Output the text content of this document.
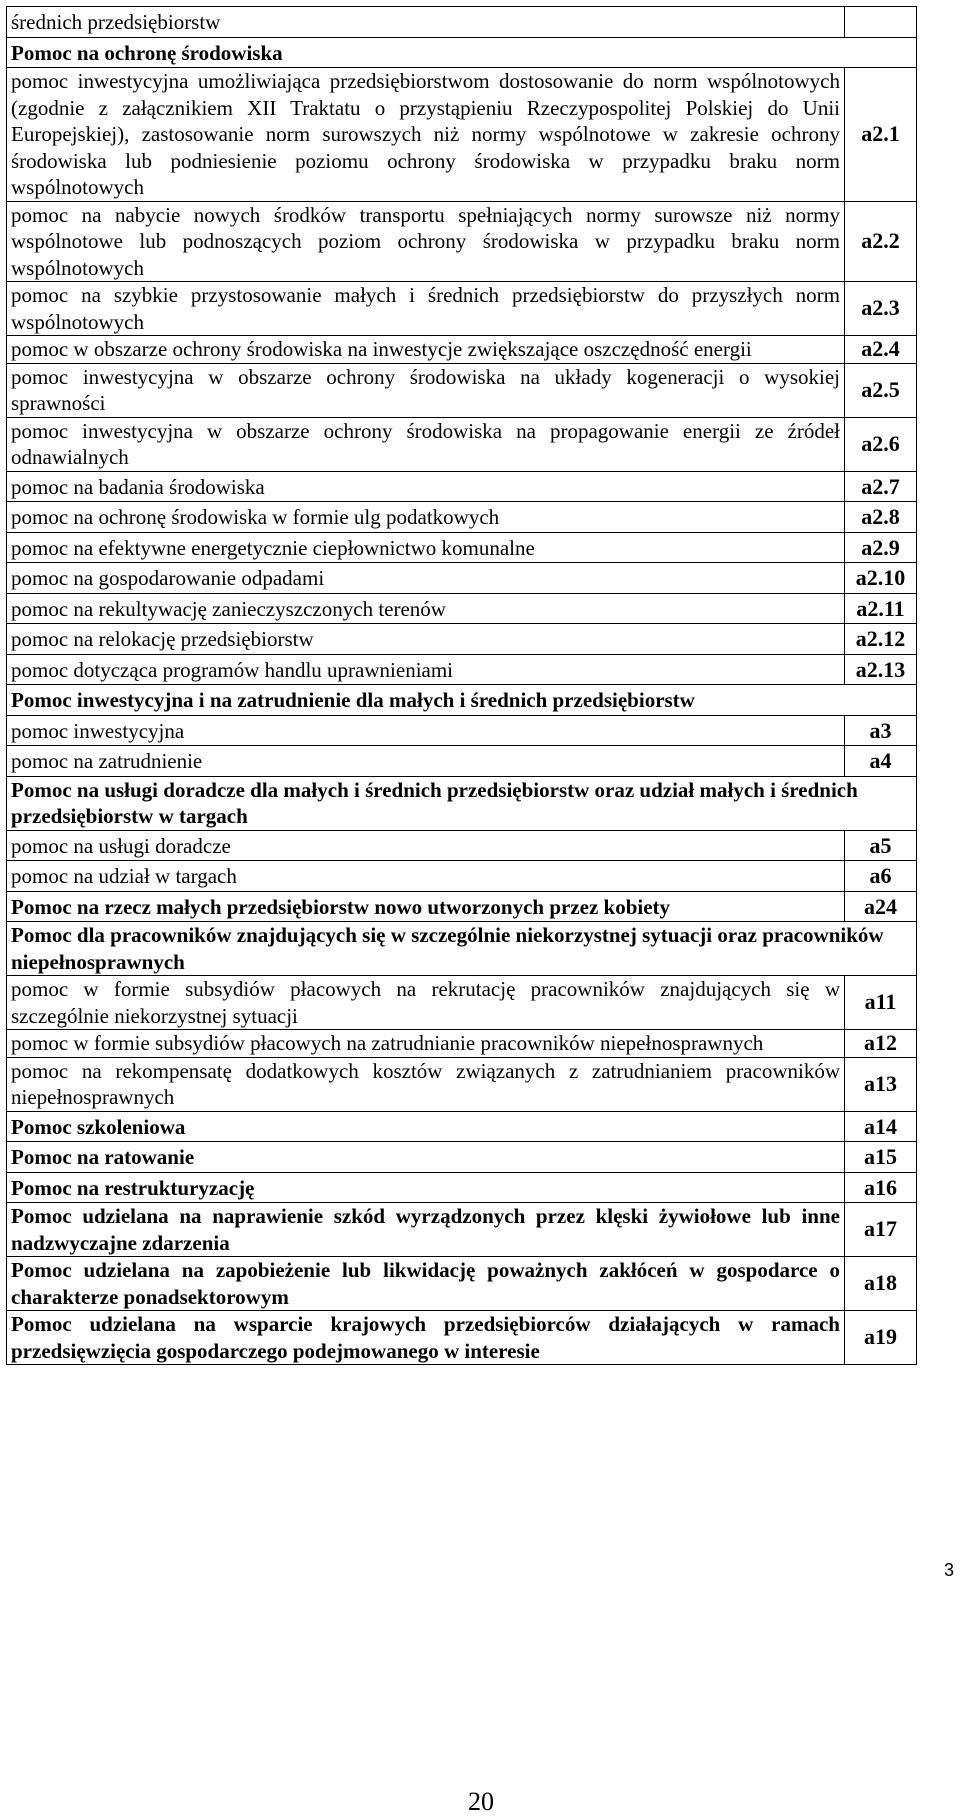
średnich przedsiębiorstw	
Pomoc na ochronę środowiska	
pomoc inwestycyjna umożliwiająca przedsiębiorstwom dostosowanie do norm wspólnotowych (zgodnie z załącznikiem XII Traktatu o przystąpieniu Rzeczypospolitej Polskiej do Unii Europejskiej), zastosowanie norm surowszych niż normy wspólnotowe w zakresie ochrony środowiska lub podniesienie poziomu ochrony środowiska w przypadku braku norm wspólnotowych	a2.1
pomoc na nabycie nowych środków transportu spełniających normy surowsze niż normy wspólnotowe lub podnoszących poziom ochrony środowiska w przypadku braku norm wspólnotowych	a2.2
pomoc na szybkie przystosowanie małych i średnich przedsiębiorstw do przyszłych norm wspólnotowych	a2.3
pomoc w obszarze ochrony środowiska na inwestycje zwiększające oszczędność energii	a2.4
pomoc inwestycyjna w obszarze ochrony środowiska na układy kogeneracji o wysokiej sprawności	a2.5
pomoc inwestycyjna w obszarze ochrony środowiska na propagowanie energii ze źródeł odnawialnych	a2.6
pomoc na badania środowiska	a2.7
pomoc na ochronę środowiska w formie ulg podatkowych	a2.8
pomoc na efektywne energetycznie ciepłownictwo komunalne	a2.9
pomoc na gospodarowanie odpadami	a2.10
pomoc na rekultywację zanieczyszczonych terenów	a2.11
pomoc na relokację przedsiębiorstw	a2.12
pomoc dotycząca programów handlu uprawnieniami	a2.13
Pomoc inwestycyjna i na zatrudnienie dla małych i średnich przedsiębiorstw	
pomoc inwestycyjna	a3
pomoc na zatrudnienie	a4
Pomoc na usługi doradcze dla małych i średnich przedsiębiorstw oraz udział małych i średnich przedsiębiorstw w targach	
pomoc na usługi doradcze	a5
pomoc na udział w targach	a6
Pomoc na rzecz małych przedsiębiorstw nowo utworzonych przez kobiety	a24
Pomoc dla pracowników znajdujących się w szczególnie niekorzystnej sytuacji oraz pracowników niepełnosprawnych	
pomoc w formie subsydiów płacowych na rekrutację pracowników znajdujących się w szczególnie niekorzystnej sytuacji	a11
pomoc w formie subsydiów płacowych na zatrudnianie pracowników niepełnosprawnych	a12
pomoc na rekompensatę dodatkowych kosztów związanych z zatrudnianiem pracowników niepełnosprawnych	a13
Pomoc szkoleniowa	a14
Pomoc na ratowanie	a15
Pomoc na restrukturyzację	a16
Pomoc udzielana na naprawienie szkód wyrządzonych przez klęski żywiołowe lub inne nadzwyczajne zdarzenia	a17
Pomoc udzielana na zapobieżenie lub likwidację poważnych zakłóceń w gospodarce o charakterze ponadsektorowym	a18
Pomoc udzielana na wsparcie krajowych przedsiębiorców działających w ramach przedsięwzięcia gospodarczego podejmowanego w interesie	a19
3
20
